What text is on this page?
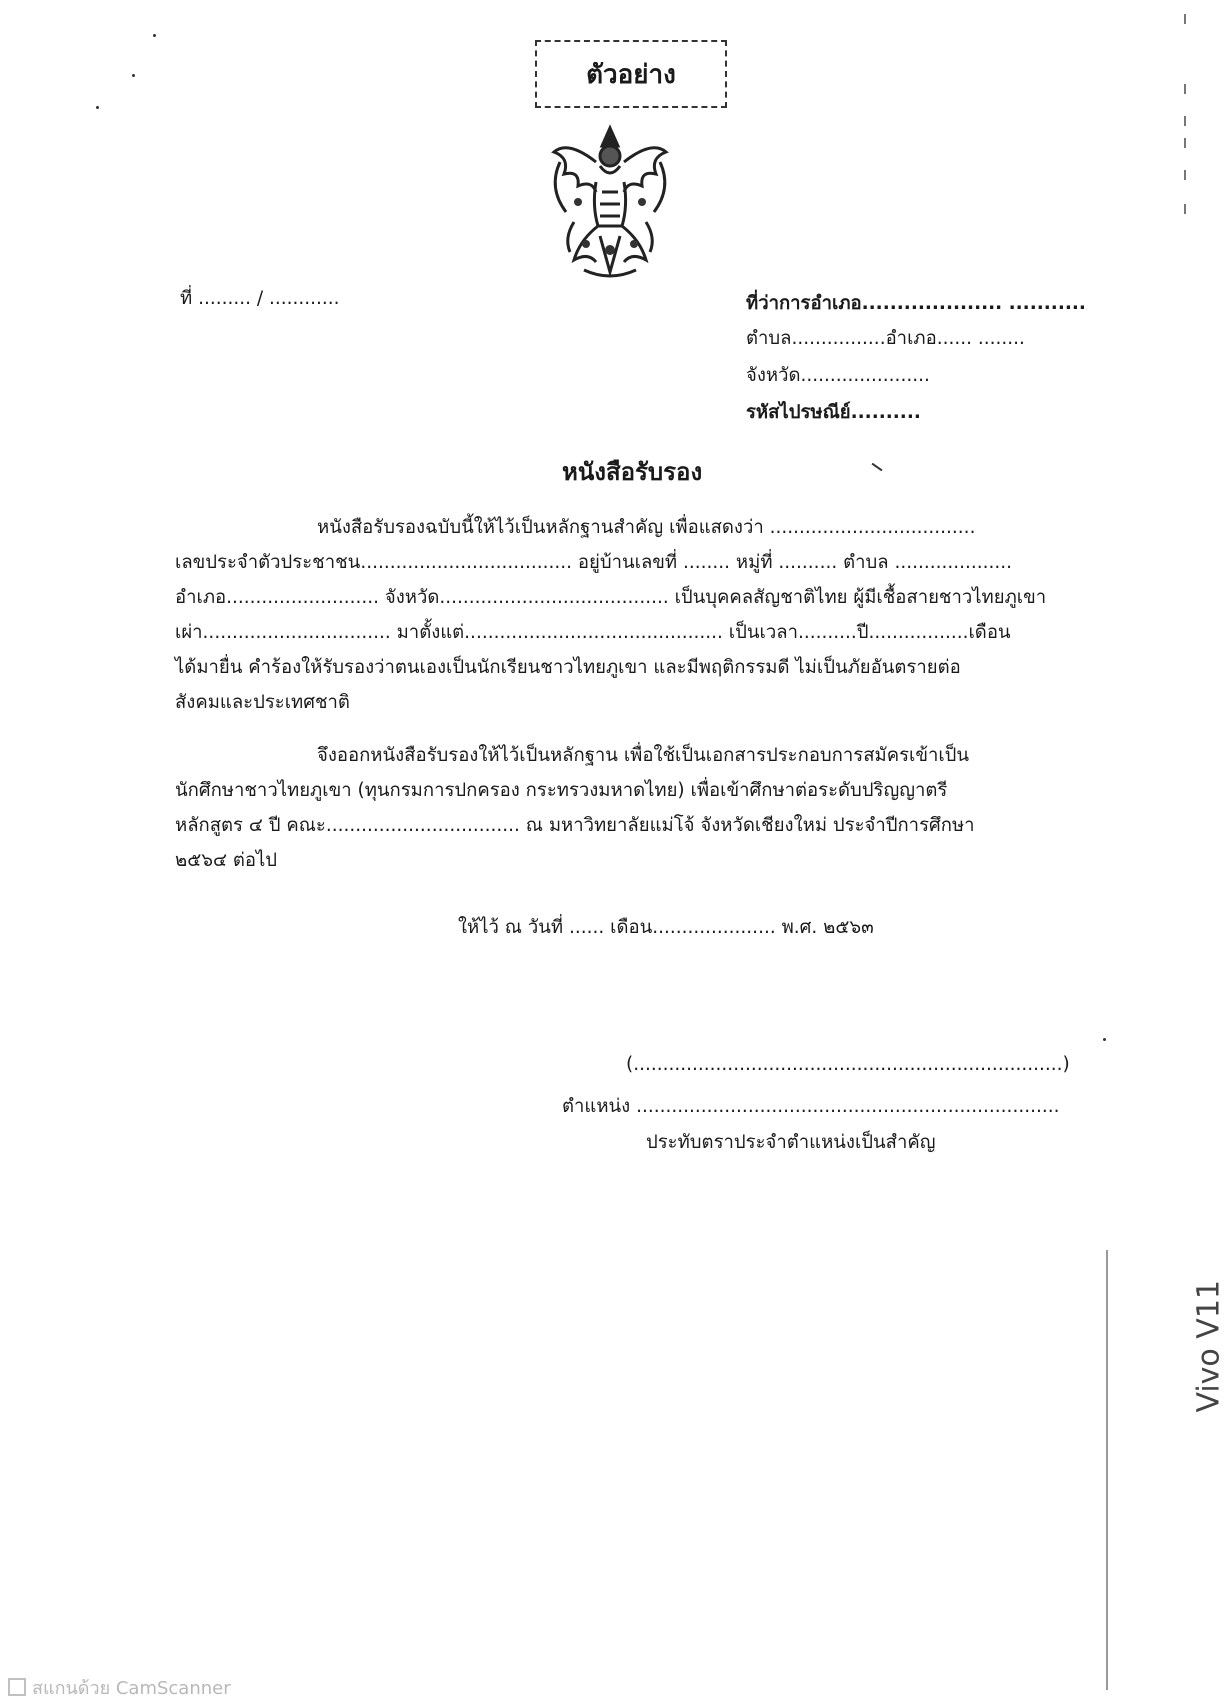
ตัวอย่าง
ที่ ......... / ............	ที่ว่าการอำเภอ.................... ...........
ตำบล................อำเภอ...... ........
จังหวัด......................
รหัสไปรษณีย์..........
หนังสือรับรอง
หนังสือรับรองฉบับนี้ให้ไว้เป็นหลักฐานสำคัญ เพื่อแสดงว่า ...................................
เลขประจำตัวประชาชน.................................... อยู่บ้านเลขที่ ........ หมู่ที่ .......... ตำบล ....................
อำเภอ.......................... จังหวัด....................................... เป็นบุคคลสัญชาติไทย ผู้มีเชื้อสายชาวไทยภูเขา
เผ่า................................ มาตั้งแต่............................................ เป็นเวลา..........ปี.................เดือน
ได้มายื่น คำร้องให้รับรองว่าตนเองเป็นนักเรียนชาวไทยภูเขา และมีพฤติกรรมดี ไม่เป็นภัยอันตรายต่อ
สังคมและประเทศชาติ
จึงออกหนังสือรับรองให้ไว้เป็นหลักฐาน เพื่อใช้เป็นเอกสารประกอบการสมัครเข้าเป็น
นักศึกษาชาวไทยภูเขา (ทุนกรมการปกครอง กระทรวงมหาดไทย) เพื่อเข้าศึกษาต่อระดับปริญญาตรี
หลักสูตร ๔ ปี คณะ................................. ณ มหาวิทยาลัยแม่โจ้ จังหวัดเชียงใหม่ ประจำปีการศึกษา
๒๕๖๔ ต่อไป
ให้ไว้ ณ วันที่ ...... เดือน..................... พ.ศ. ๒๕๖๓
(.........................................................................)
ตำแหน่ง ........................................................................
ประทับตราประจำตำแหน่งเป็นสำคัญ
Vivo V11
สแกนด้วย CamScanner
